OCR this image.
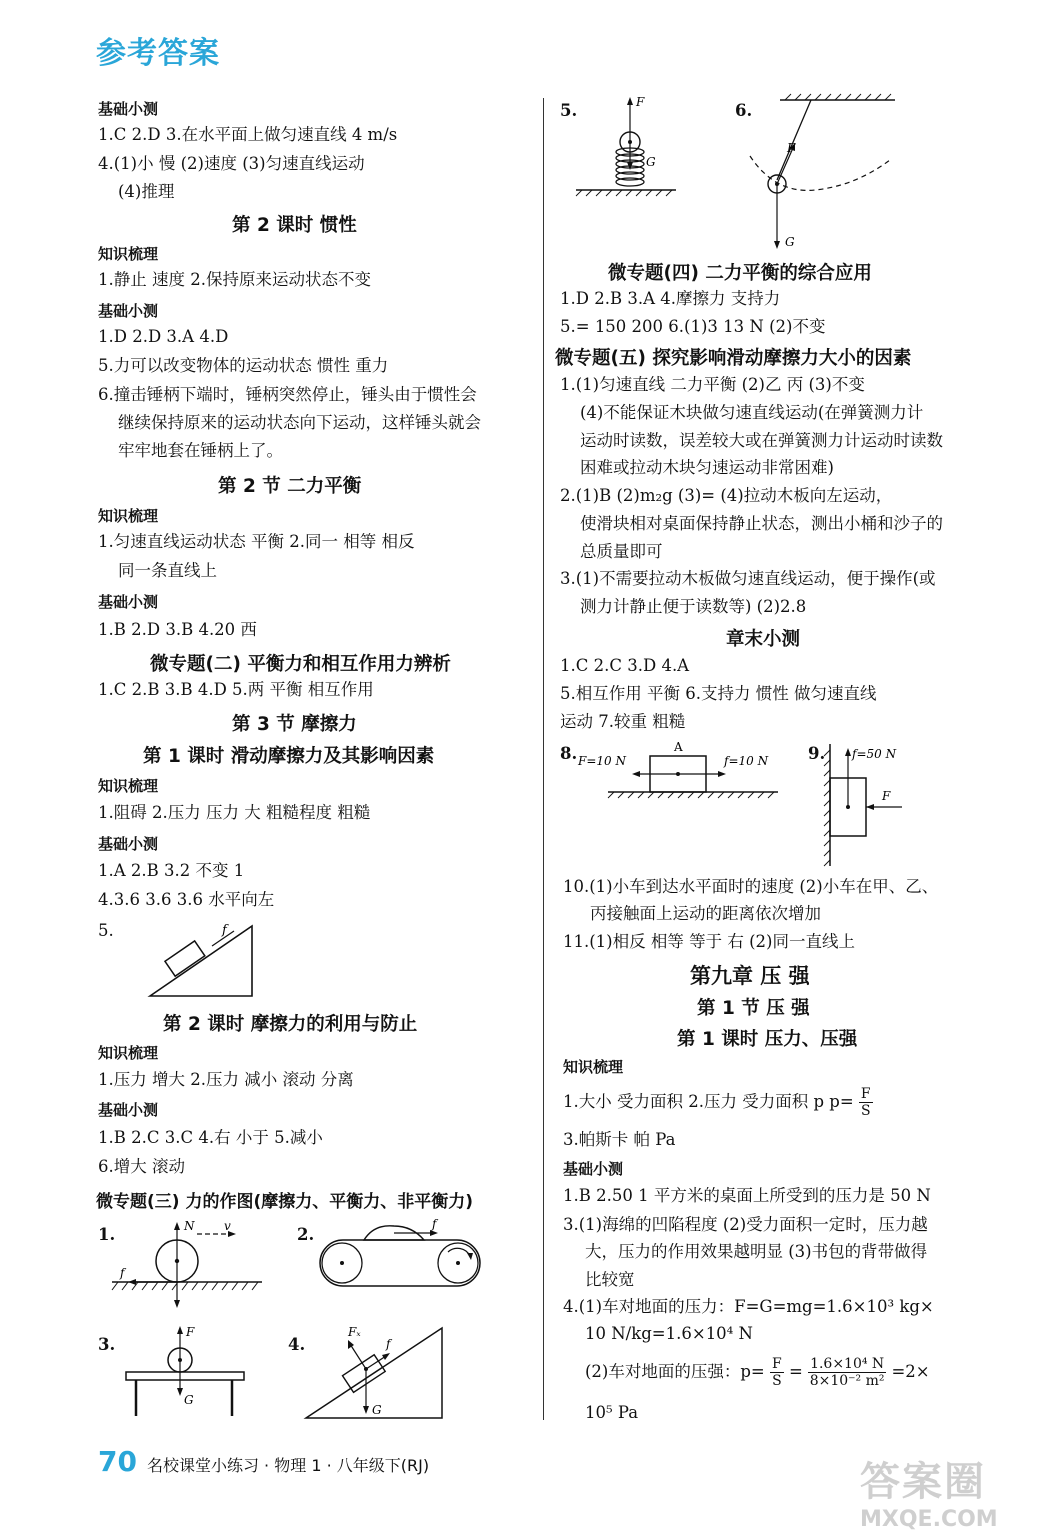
参考答案
基础小测
1.C 2.D 3.在水平面上做匀速直线 4 m/s
4.(1)小 慢 (2)速度 (3)匀速直线运动
(4)推理
第 2 课时 惯性
知识梳理
1.静止 速度 2.保持原来运动状态不变
基础小测
1.D 2.D 3.A 4.D
5.力可以改变物体的运动状态 惯性 重力
6.撞击锤柄下端时，锤柄突然停止，锤头由于惯性会
继续保持原来的运动状态向下运动，这样锤头就会
牢牢地套在锤柄上了。
第 2 节 二力平衡
知识梳理
1.匀速直线运动状态 平衡 2.同一 相等 相反
同一条直线上
基础小测
1.B 2.D 3.B 4.20 西
微专题(二) 平衡力和相互作用力辨析
1.C 2.B 3.B 4.D 5.两 平衡 相互作用
第 3 节 摩擦力
第 1 课时 滑动摩擦力及其影响因素
知识梳理
1.阻碍 2.压力 压力 大 粗糙程度 粗糙
基础小测
1.A 2.B 3.2 不变 1
4.3.6 3.6 3.6 水平向左
5.	f
第 2 课时 摩擦力的利用与防止
知识梳理
1.压力 增大 2.压力 减小 滚动 分离
基础小测
1.B 2.C 3.C 4.右 小于 5.减小
6.增大 滚动
微专题(三) 力的作图(摩擦力、平衡力、非平衡力)
1.	N v
f
2.
f
3.
F
G
4.
Fₓ
f
G
5.	F
G
6.
F
G
微专题(四) 二力平衡的综合应用
1.D 2.B 3.A 4.摩擦力 支持力
5.= 150 200 6.(1)3 13 N (2)不变
微专题(五) 探究影响滑动摩擦力大小的因素
1.(1)匀速直线 二力平衡 (2)乙 丙 (3)不变
(4)不能保证木块做匀速直线运动(在弹簧测力计
运动时读数，误差较大或在弹簧测力计运动时读数
困难或拉动木块匀速运动非常困难)
2.(1)B (2)m₂g (3)= (4)拉动木板向左运动，
使滑块相对桌面保持静止状态，测出小桶和沙子的
总质量即可
3.(1)不需要拉动木板做匀速直线运动，便于操作(或
测力计静止便于读数等) (2)2.8
章末小测
1.C 2.C 3.D 4.A
5.相互作用 平衡 6.支持力 惯性 做匀速直线
运动 7.较重 粗糙
8.	A
F=10 N	f=10 N 9. f=50 N
F
10.(1)小车到达水平面时的速度 (2)小车在甲、乙、
丙接触面上运动的距离依次增加
11.(1)相反 相等 等于 右 (2)同一直线上
第九章 压 强
第 1 节 压 强
第 1 课时 压力、压强
知识梳理
1.大小 受力面积 2.压力 受力面积 p $p= \frac{F}{S}$
3.帕斯卡 帕 Pa
基础小测
1.B 2.50 1 平方米的桌面上所受到的压力是 50 N
3.(1)海绵的凹陷程度 (2)受力面积一定时，压力越
大，压力的作用效果越明显 (3)书包的背带做得
比较宽
4.(1)车对地面的压力：F=G=mg=1.6×10³ kg×
10 N/kg=1.6×10⁴ N
(2)车对地面的压强：$p= \frac{F}{S} = \frac{\text{1.6×10⁴ N}}{\text{8×10⁻² m²}} =2\times$
10⁵ Pa
70 名校课堂小练习 · 物理 1 · 八年级下(RJ)	答案圈
MXQE.COM
